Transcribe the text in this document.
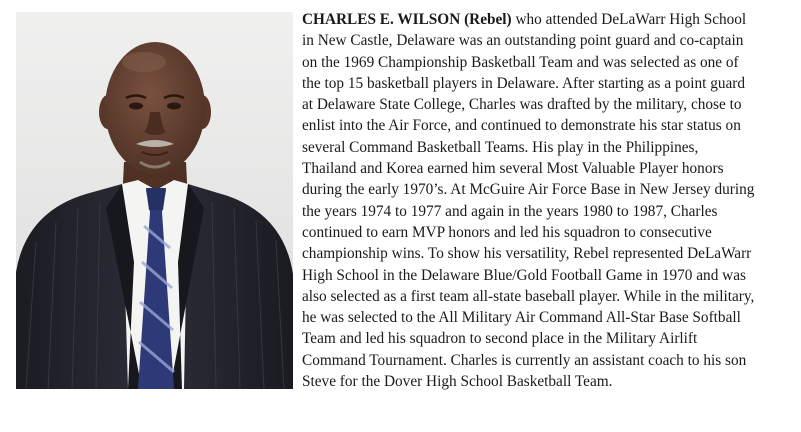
CHARLES E. WILSON (Rebel) who attended DeLaWarr High School
in New Castle, Delaware was an outstanding point guard and co-captain
on the 1969 Championship Basketball Team and was selected as one of
the top 15 basketball players in Delaware. After starting as a point guard
at Delaware State College, Charles was drafted by the military, chose to
enlist into the Air Force, and continued to demonstrate his star status on
several Command Basketball Teams. His play in the Philippines,
Thailand and Korea earned him several Most Valuable Player honors
during the early 1970’s. At McGuire Air Force Base in New Jersey during
the years 1974 to 1977 and again in the years 1980 to 1987, Charles
continued to earn MVP honors and led his squadron to consecutive
championship wins. To show his versatility, Rebel represented DeLaWarr
High School in the Delaware Blue/Gold Football Game in 1970 and was
also selected as a first team all-state baseball player. While in the military,
he was selected to the All Military Air Command All-Star Base Softball
Team and led his squadron to second place in the Military Airlift
Command Tournament. Charles is currently an assistant coach to his son
Steve for the Dover High School Basketball Team.
